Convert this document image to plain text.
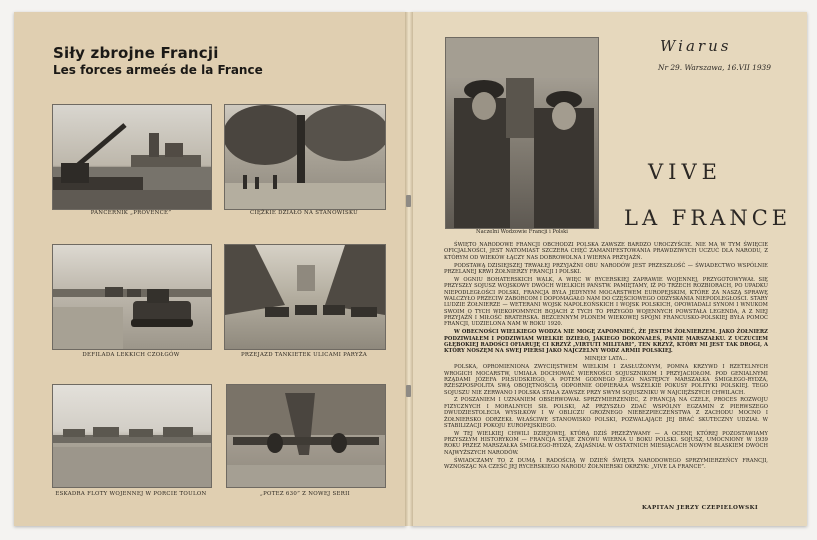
Siły zbrojne Francji
Les forces armeés de la France
PANCERNIK „PROVENCE”	CIĘŻKIE DZIAŁO NA STANOWISKU
DEFILADA LEKKICH CZOŁGÓW	PRZEJAZD TANKIETEK ULICAMI PARYŻA
ESKADRA FLOTY WOJENNEJ W PORCIE TOULON	„POTEZ 630” Z NOWEJ SERII
Naczelni Wodzowie Francji i Polski
Wiarus
Nr 29. Warszawa, 16.VII 1939
VIVE
LA FRANCE

ŚWIĘTO NARODOWE FRANCJI OBCHODZI POLSKA ZAWSZE BARDZO UROCZYŚCIE. NIE MA W TYM ŚWIĘCIE OFICJALNOŚCI, JEST NATOMIAST SZCZERA CHĘĆ ZAMANIFESTOWANIA PRAWDZIWYCH UCZUĆ DLA NARODU, Z KTÓRYM OD WIEKÓW ŁĄCZY NAS DOBROWOLNA I WIERNA PRZYJAŹŃ.

PODSTAWĄ DZISIEJSZEJ TRWAŁEJ PRZYJAŹNI OBU NARODÓW JEST PRZESZŁOŚĆ — ŚWIADECTWO WSPÓLNIE PRZELANEJ KRWI ŻOŁNIERZY FRANCJI I POLSKI.

W OGNIU BOHATERSKICH WALK, A WIĘC W RYCERSKIEJ ZAPRAWIE WOJENNEJ, PRZYGOTOWYWAŁ SIĘ PRZYSZŁY SOJUSZ WOJSKOWY DWÓCH WIELKICH PAŃSTW. PAMIĘTAMY, IŻ PO TRZECH ROZBIORACH, PO UPADKU NIEPODLEGŁOŚCI POLSKI, FRANCJA BYŁA JEDYNYM MOCARSTWEM EUROPEJSKIM, KTÓRE ZA NASZĄ SPRAWĘ WALCZYŁO PRZECIW ZABORCOM I DOPOMAGAŁO NAM DO CZĘŚCIOWEGO ODZYSKANIA NIEPODLEGŁOŚCI. STARY LUDZIE ŻOŁNIERZE — WETERANI WOJSK NAPOLEOŃSKICH I WOJSK POLSKICH, OPOWIADALI SYNOM I WNUKOM SWOIM O TYCH WIEKOPOMNYCH BOJACH Z TYCH TO PRZYGÓD WOJENNYCH POWSTAŁA LEGENDA, A Z NIEJ PRZYJAŹŃ I MIŁOŚĆ BRATERSKA. BEZCENNYM PLONEM WIEKOWEJ SPÓJNI FRANCUSKO-POLSKIEJ BYŁA POMOC FRANCJI, UDZIELONA NAM W ROKU 1920.

W OBECNOŚCI WIELKIEGO WODZA NIE MOGĘ ZAPOMNIEĆ, ŻE JESTEM ŻOŁNIERZEM. JAKO ŻOŁNIERZ PODZIWIAŁEM I PODZIWIAM WIELKIE DZIEŁO, JAKIEGO DOKONAŁEŚ, PANIE MARSZAŁKU. Z UCZUCIEM GŁĘBOKIEJ RADOŚCI OFIARUJĘ CI KRZYŻ „VIRTUTI MILITARI”, TEN KRZYŻ, KTÓRY MI JEST TAK DROGI, A KTÓRY NOSZĘM NA SWEJ PIERSI JAKO NAJCZELNY WODZ ARMII POLSKIEJ.

MINĘŁY LATA...

POLSKA, OPROMIENIONA ZWYCIĘSTWEM WIELKIM I ZASŁUŻONYM, POMNA KRZYWD I RZETELNYCH WROGICH MOCARSTW, UMIAŁA DOCHOWAĆ WIERNOŚCI SOJUSZNIKOM I PRZYJACIOŁOM. POD GENIALNYMI RZĄDAMI JÓZEFA PIŁSUDSKIEGO, A POTEM GODNEGO JEGO NASTĘPCY MARSZAŁKA ŚMIGŁEGO-RYDZA, RZESZPOSPOLITA SWĄ OBOJĘTNOŚCIĄ ODPORNIE ODPIERAŁA WSZELKIE POKUSY POLITYKI POLSKIEJ. TEGO SOJUSZU NIE ZERWANO I POLSKA STAŁA ZAWSZE PRZY SWYM SOJUSZNIKU W NAJCIĘŻSZYCH CHWILACH.

Z POSZANIEM I UZNANIEM OBSERWOWAŁ SPRZYMIERZENIEC, Z FRANCJĄ NA CZELE, PROCES ROZWOJU FIZYCZNYCH I MORALNYCH SIŁ POLSKI, AŻ PRZYSZŁO ZDAĆ WSPÓLNY EGZAMIN Z PIERWSZEGO DWUDZIESTOLECIA WYSIŁKÓW I W OBLICZU GROŹNEGO NIEBEZPIECZEŃSTWA Z ZACHODU MOCNO I ŻOŁNIERSKO ODRZEKŁ WŁAŚCIWE STANOWISKO POLSKI, POZWALAJĄCE JEJ BRAĆ SKUTECZNY UDZIAŁ W STABILIZACJI POKOJU EUROPEJSKIEGO.

W TEJ WIELKIEJ CHWILI DZIEJOWEJ, KTÓRĄ DZIŚ PRZEŻYWAMY — A OCENĘ KTÓREJ POZOSTAWIAMY PRZYSZŁYM HISTORYKOM — FRANCJA STAJE ZNOWU WIERNA U BOKU POLSKI. SOJUSZ, UMOCNIONY W 1939 ROKU PRZEZ MARSZAŁKA ŚMIGŁEGO-RYDZA, ZAJAŚNIAŁ W OSTATNICH MIESIĄCACH NOWYM BLASKIEM DWÓCH NAJWYŻSZYCH NARODÓW.

ŚWIADCZAMY TO Z DUMĄ I RADOŚCIĄ W DZIEŃ ŚWIĘTA NARODOWEGO SPRZYMIERZEŃCY FRANCJI, WZNOSZĄC NA CZEŚĆ JEJ RYCERSKIEGO NARODU ŻOŁNIERSKI OKRZYK: „VIVE LA FRANCE”.

KAPITAN JERZY CZEPIELOWSKI
